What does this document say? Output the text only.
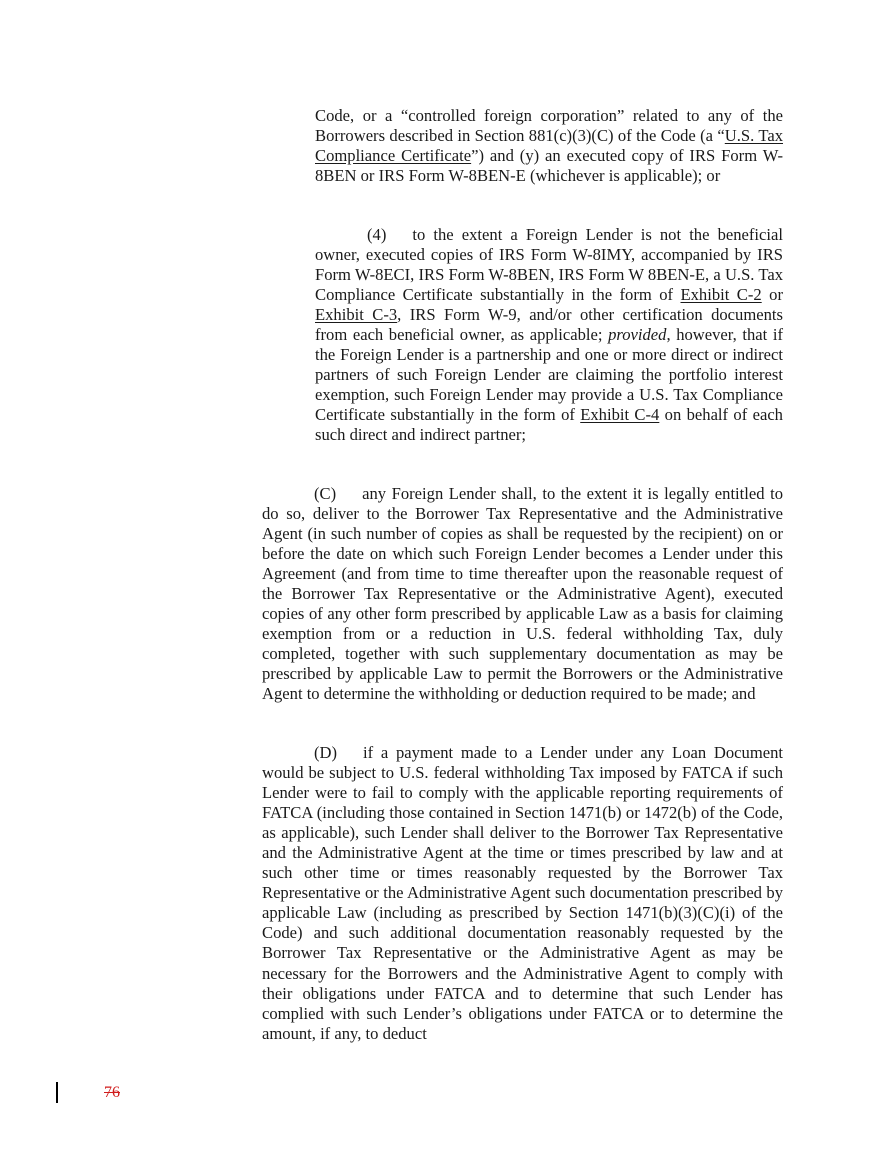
Code, or a “controlled foreign corporation” related to any of the Borrowers described in Section 881(c)(3)(C) of the Code (a “U.S. Tax Compliance Certificate”) and (y) an executed copy of IRS Form W-8BEN or IRS Form W-8BEN-E (whichever is applicable); or

(4) to the extent a Foreign Lender is not the beneficial owner, executed copies of IRS Form W-8IMY, accompanied by IRS Form W-8ECI, IRS Form W-8BEN, IRS Form W 8BEN-E, a U.S. Tax Compliance Certificate substantially in the form of Exhibit C-2 or Exhibit C-3, IRS Form W-9, and/or other certification documents from each beneficial owner, as applicable; provided, however, that if the Foreign Lender is a partnership and one or more direct or indirect partners of such Foreign Lender are claiming the portfolio interest exemption, such Foreign Lender may provide a U.S. Tax Compliance Certificate substantially in the form of Exhibit C-4 on behalf of each such direct and indirect partner;

(C) any Foreign Lender shall, to the extent it is legally entitled to do so, deliver to the Borrower Tax Representative and the Administrative Agent (in such number of copies as shall be requested by the recipient) on or before the date on which such Foreign Lender becomes a Lender under this Agreement (and from time to time thereafter upon the reasonable request of the Borrower Tax Representative or the Administrative Agent), executed copies of any other form prescribed by applicable Law as a basis for claiming exemption from or a reduction in U.S. federal withholding Tax, duly completed, together with such supplementary documentation as may be prescribed by applicable Law to permit the Borrowers or the Administrative Agent to determine the withholding or deduction required to be made; and

(D) if a payment made to a Lender under any Loan Document would be subject to U.S. federal withholding Tax imposed by FATCA if such Lender were to fail to comply with the applicable reporting requirements of FATCA (including those contained in Section 1471(b) or 1472(b) of the Code, as applicable), such Lender shall deliver to the Borrower Tax Representative and the Administrative Agent at the time or times prescribed by law and at such other time or times reasonably requested by the Borrower Tax Representative or the Administrative Agent such documentation prescribed by applicable Law (including as prescribed by Section 1471(b)(3)(C)(i) of the Code) and such additional documentation reasonably requested by the Borrower Tax Representative or the Administrative Agent as may be necessary for the Borrowers and the Administrative Agent to comply with their obligations under FATCA and to determine that such Lender has complied with such Lender’s obligations under FATCA or to determine the amount, if any, to deduct

76
